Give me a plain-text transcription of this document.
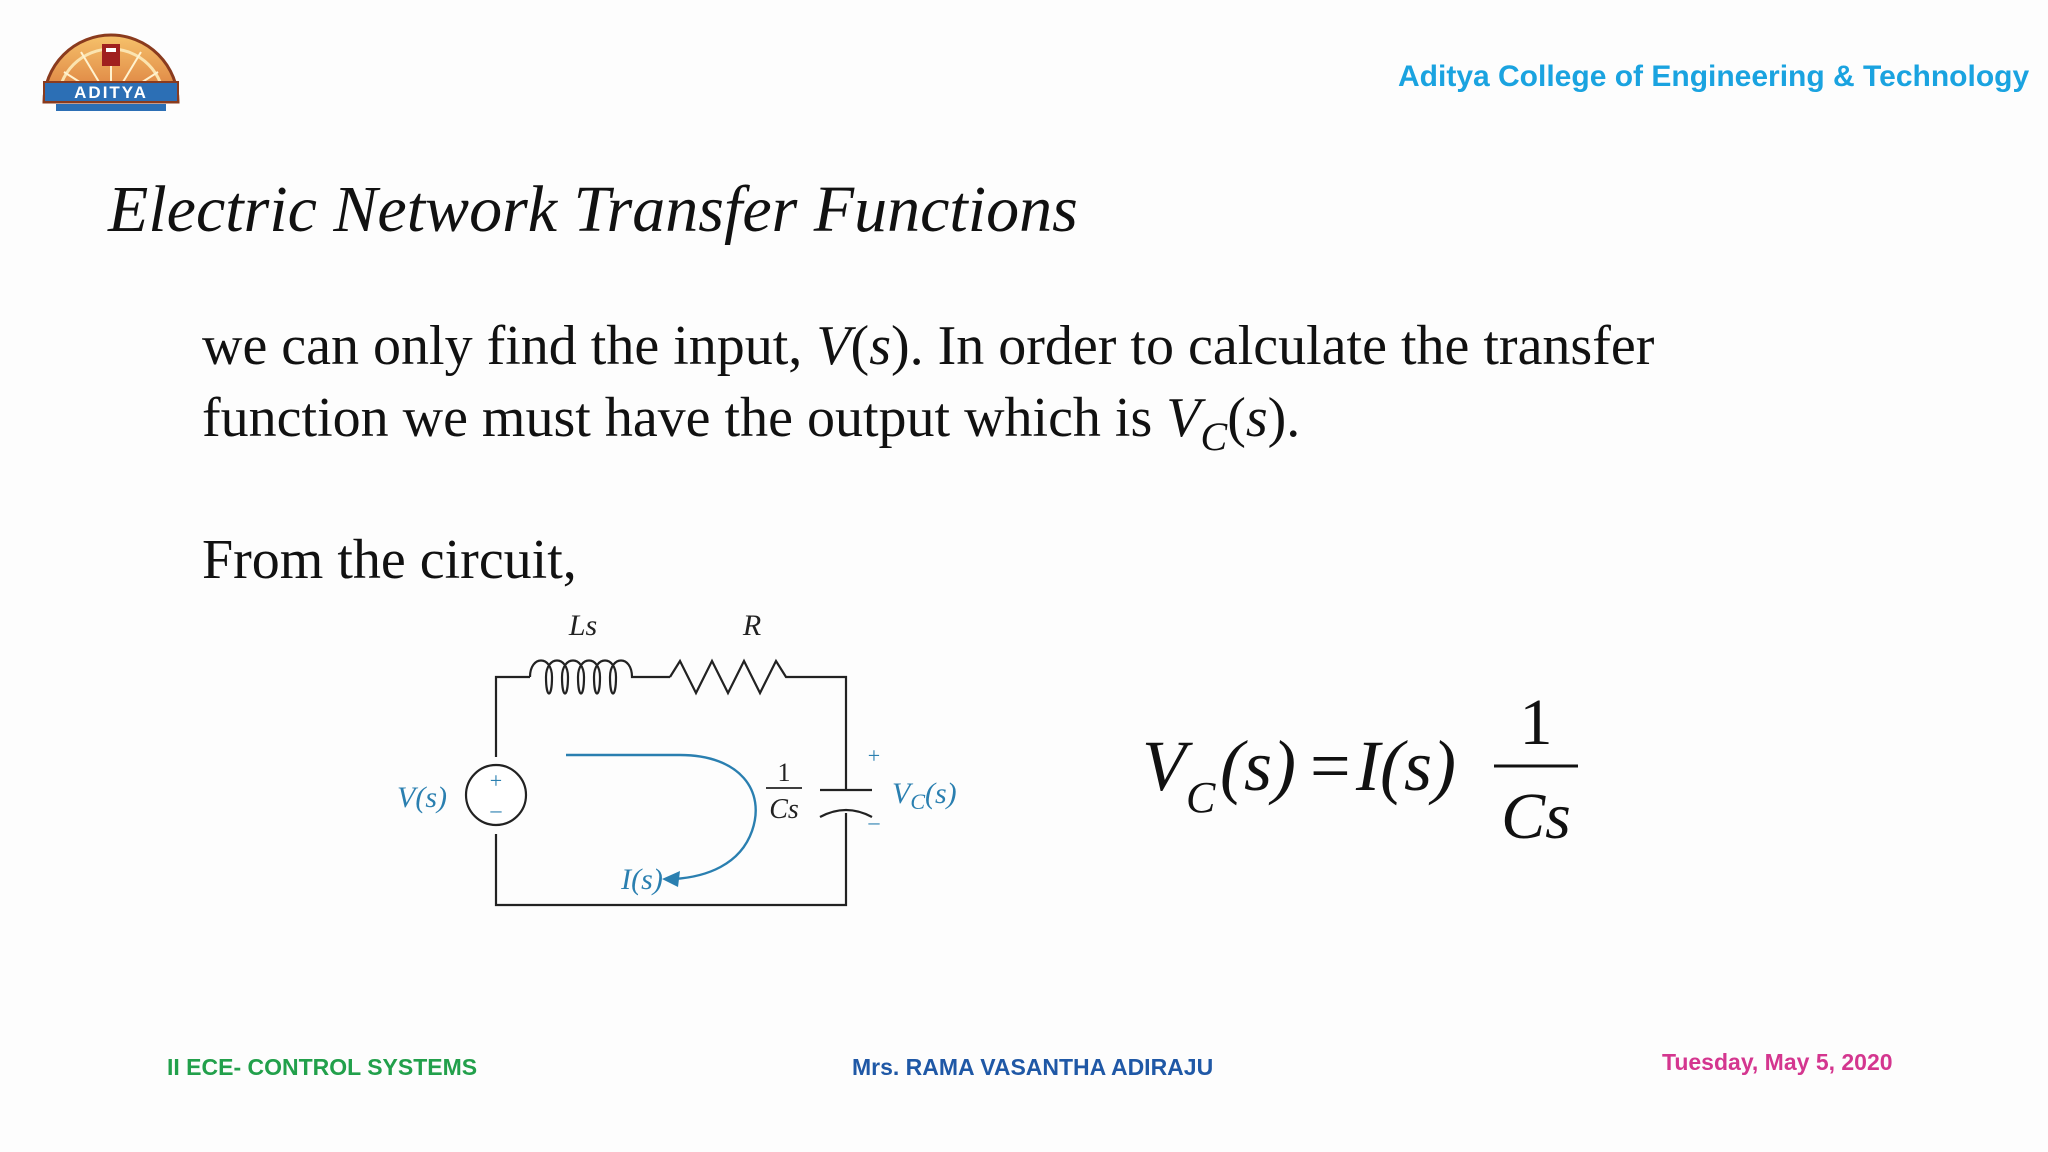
ADITYA	Aditya College of Engineering & Technology
Electric Network Transfer Functions
we can only find the input, V(s). In order to calculate the transfer
function we must have the output which is $V_C(s)$.
From the circuit,
+
–
Ls	R
V(s)
1
Cs
+
–
$V_C(s)$
I(s)
V C (s) = I(s)
1
Cs
II ECE- CONTROL SYSTEMS	Mrs. RAMA VASANTHA ADIRAJU	Tuesday, May 5, 2020
